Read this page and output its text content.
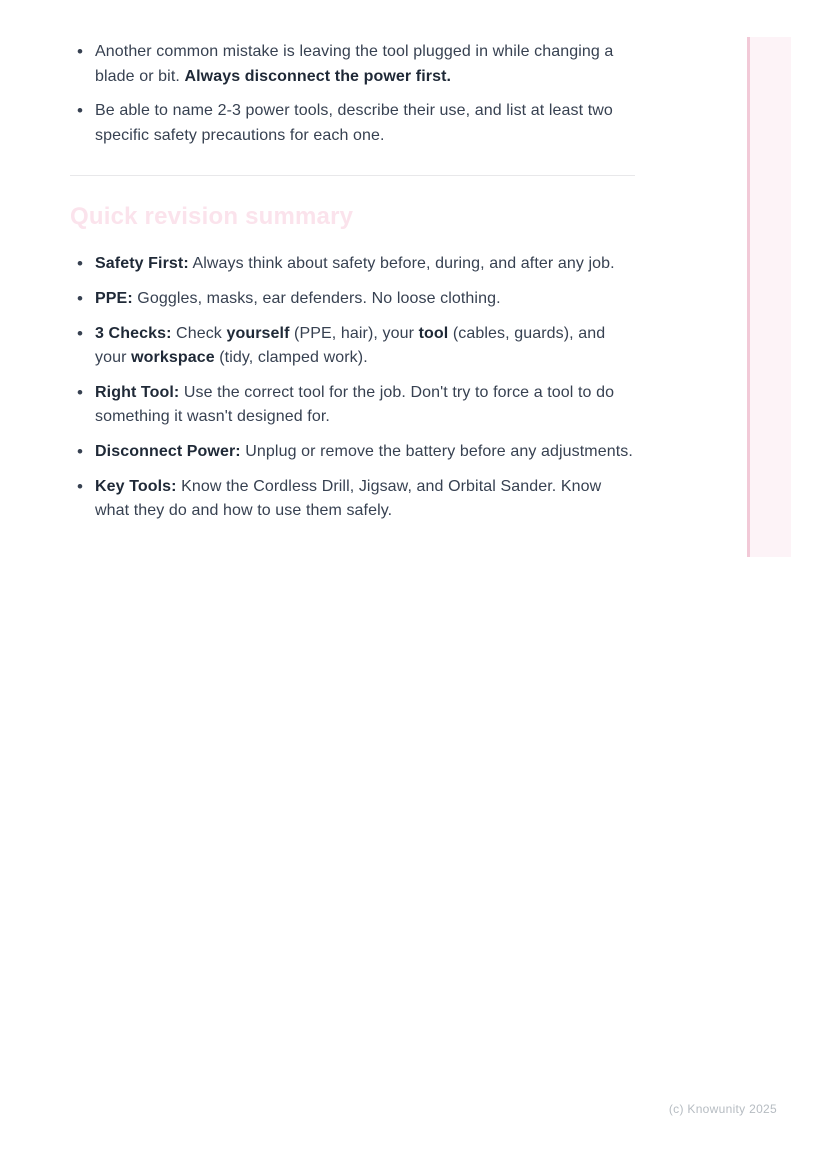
• Another common mistake is leaving the tool plugged in while changing a blade or bit. Always disconnect the power first.
• Be able to name 2-3 power tools, describe their use, and list at least two specific safety precautions for each one.
Quick revision summary
• Safety First: Always think about safety before, during, and after any job.
• PPE: Goggles, masks, ear defenders. No loose clothing.
• 3 Checks: Check yourself (PPE, hair), your tool (cables, guards), and your workspace (tidy, clamped work).
• Right Tool: Use the correct tool for the job. Don't try to force a tool to do something it wasn't designed for.
• Disconnect Power: Unplug or remove the battery before any adjustments.
• Key Tools: Know the Cordless Drill, Jigsaw, and Orbital Sander. Know what they do and how to use them safely.
(c) Knowunity 2025
